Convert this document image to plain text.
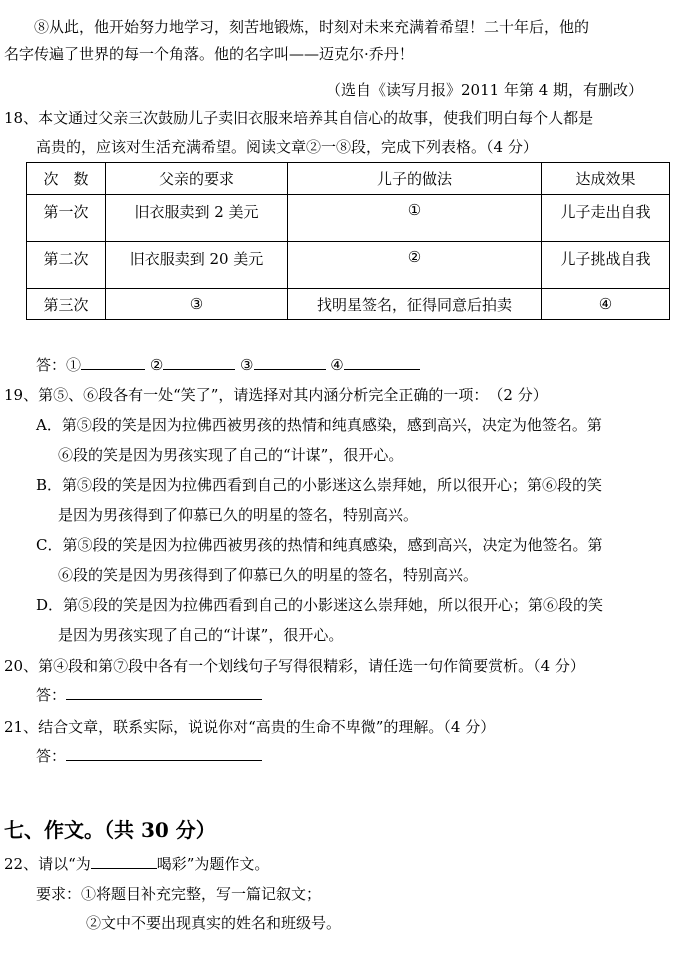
⑧从此，他开始努力地学习，刻苦地锻炼，时刻对未来充满着希望！二十年后，他的
名字传遍了世界的每一个角落。他的名字叫——迈克尔·乔丹！
（选自《读写月报》2011 年第 4 期，有删改）
18、本文通过父亲三次鼓励儿子卖旧衣服来培养其自信心的故事，使我们明白每个人都是
高贵的，应该对生活充满希望。阅读文章②一⑧段，完成下列表格。（4 分）
次　数	父亲的要求	儿子的做法	达成效果
第一次	旧衣服卖到 2 美元	①	儿子走出自我
第二次	旧衣服卖到 20 美元	②	儿子挑战自我
第三次	③	找明星签名，征得同意后拍卖	④
答：①	②	③	④
19、第⑤、⑥段各有一处“笑了”，请选择对其内涵分析完全正确的一项：　（2 分）
A．第⑤段的笑是因为拉佛西被男孩的热情和纯真感染，感到高兴，决定为他签名。第
⑥段的笑是因为男孩实现了自己的“计谋”，很开心。
B．第⑤段的笑是因为拉佛西看到自己的小影迷这么崇拜她，所以很开心；第⑥段的笑
是因为男孩得到了仰慕已久的明星的签名，特别高兴。
C．第⑤段的笑是因为拉佛西被男孩的热情和纯真感染，感到高兴，决定为他签名。第
⑥段的笑是因为男孩得到了仰慕已久的明星的签名，特别高兴。
D．第⑤段的笑是因为拉佛西看到自己的小影迷这么崇拜她，所以很开心；第⑥段的笑
是因为男孩实现了自己的“计谋”，很开心。
20、第④段和第⑦段中各有一个划线句子写得很精彩，请任选一句作简要赏析。（4 分）
答：
21、结合文章，联系实际，说说你对“高贵的生命不卑微”的理解。（4 分）
答：
七、作文。（共 30 分）
22、请以“为	喝彩”为题作文。
要求：①将题目补充完整，写一篇记叙文；
②文中不要出现真实的姓名和班级号。
